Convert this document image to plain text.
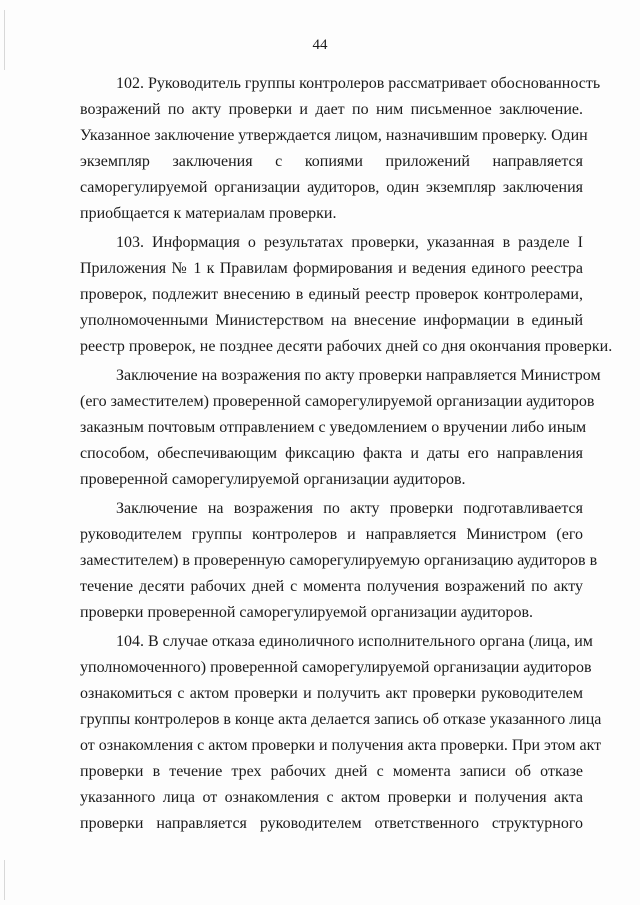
44

102. Руководитель группы контролеров рассматривает обоснованность
возражений по акту проверки и дает по ним письменное заключение.
Указанное заключение утверждается лицом, назначившим проверку. Один
экземпляр заключения с копиями приложений направляется
саморегулируемой организации аудиторов, один экземпляр заключения
приобщается к материалам проверки.

103. Информация о результатах проверки, указанная в разделе I
Приложения № 1 к Правилам формирования и ведения единого реестра
проверок, подлежит внесению в единый реестр проверок контролерами,
уполномоченными Министерством на внесение информации в единый
реестр проверок, не позднее десяти рабочих дней со дня окончания проверки.

Заключение на возражения по акту проверки направляется Министром
(его заместителем) проверенной саморегулируемой организации аудиторов
заказным почтовым отправлением с уведомлением о вручении либо иным
способом, обеспечивающим фиксацию факта и даты его направления
проверенной саморегулируемой организации аудиторов.

Заключение на возражения по акту проверки подготавливается
руководителем группы контролеров и направляется Министром (его
заместителем) в проверенную саморегулируемую организацию аудиторов в
течение десяти рабочих дней с момента получения возражений по акту
проверки проверенной саморегулируемой организации аудиторов.

104. В случае отказа единоличного исполнительного органа (лица, им
уполномоченного) проверенной саморегулируемой организации аудиторов
ознакомиться с актом проверки и получить акт проверки руководителем
группы контролеров в конце акта делается запись об отказе указанного лица
от ознакомления с актом проверки и получения акта проверки. При этом акт
проверки в течение трех рабочих дней с момента записи об отказе
указанного лица от ознакомления с актом проверки и получения акта
проверки направляется руководителем ответственного структурного
